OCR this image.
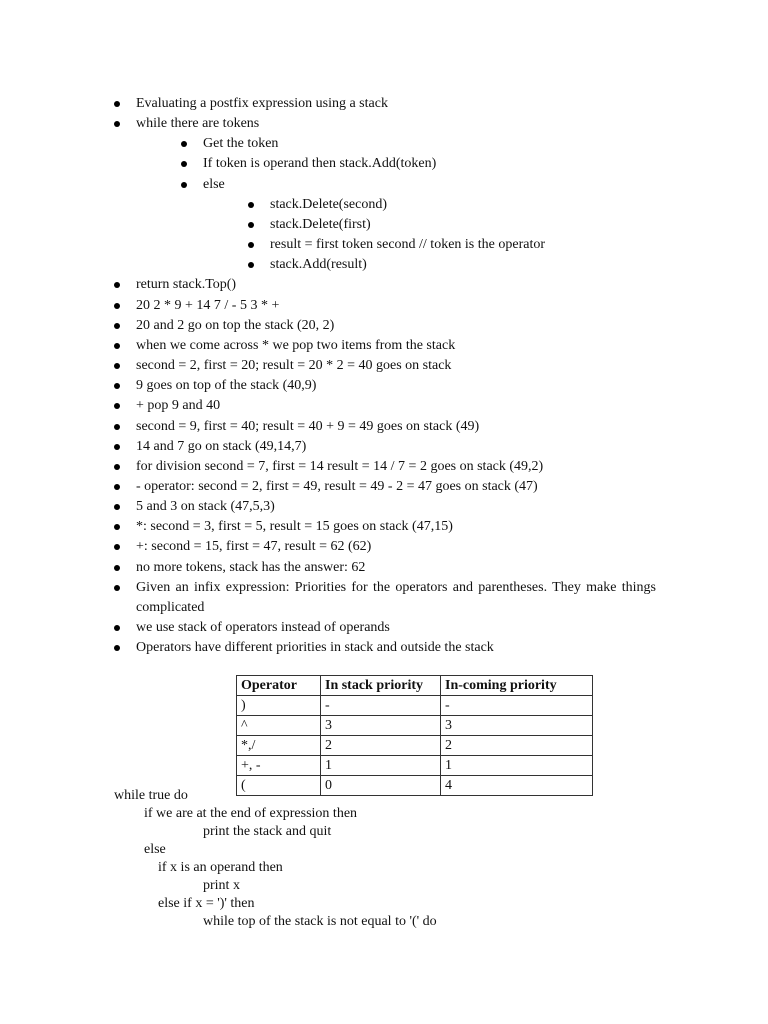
Evaluating a postfix expression using a stack
while there are tokens
Get the token
If token is operand then stack.Add(token)
else
stack.Delete(second)
stack.Delete(first)
result = first token second // token is the operator
stack.Add(result)
return stack.Top()
20 2 * 9 + 14 7 / - 5 3 * +
20 and 2 go on top the stack (20, 2)
when we come across * we pop two items from the stack
second = 2, first = 20; result = 20 * 2 = 40 goes on stack
9 goes on top of the stack (40,9)
+ pop 9 and 40
second = 9, first = 40; result = 40 + 9 = 49 goes on stack (49)
14 and 7 go on stack (49,14,7)
for division second = 7, first = 14 result = 14 / 7 = 2 goes on stack (49,2)
- operator: second = 2, first = 49, result = 49 - 2 = 47 goes on stack (47)
5 and 3 on stack (47,5,3)
*: second = 3, first = 5, result = 15 goes on stack (47,15)
+: second = 15, first = 47, result = 62 (62)
no more tokens, stack has the answer: 62
Given an infix expression: Priorities for the operators and parentheses. They make things complicated
we use stack of operators instead of operands
Operators have different priorities in stack and outside the stack
Operator	In stack priority	In-coming priority
)	-	-
^	3	3
*,/	2	2
+, -	1	1
(	0	4
while true do
if we are at the end of expression then
print the stack and quit
else
if x is an operand then
print x
else if x = ')' then
while top of the stack is not equal to '(' do
